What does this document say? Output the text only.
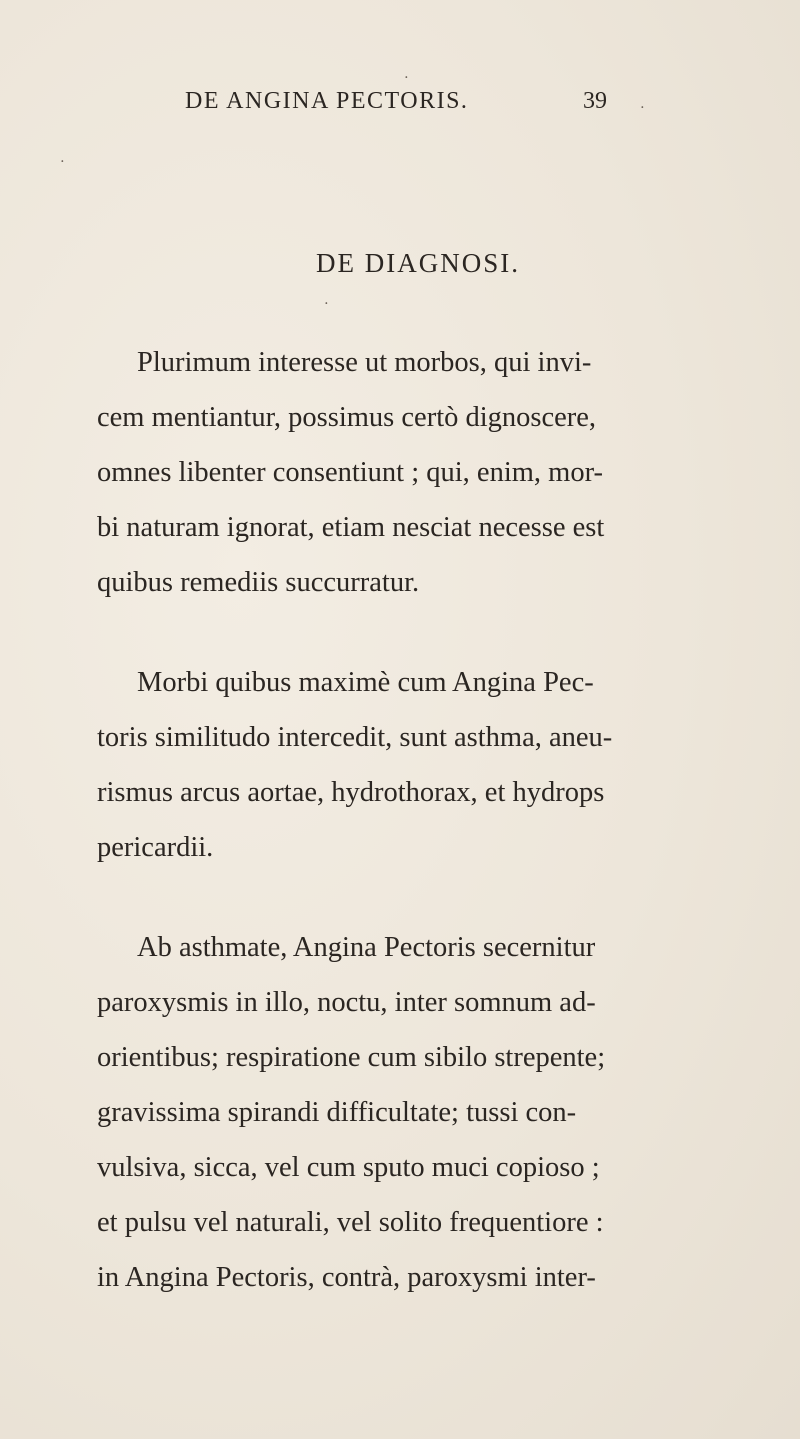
DE ANGINA PECTORIS.	39
DE DIAGNOSI.
Plurimum interesse ut morbos, qui invi-
cem mentiantur, possimus certò dignoscere,
omnes libenter consentiunt ; qui, enim, mor-
bi naturam ignorat, etiam nesciat necesse est
quibus remediis succurratur.
Morbi quibus maximè cum Angina Pec-
toris similitudo intercedit, sunt asthma, aneu-
rismus arcus aortae, hydrothorax, et hydrops
pericardii.
Ab asthmate, Angina Pectoris secernitur
paroxysmis in illo, noctu, inter somnum ad-
orientibus; respiratione cum sibilo strepente;
gravissima spirandi difficultate; tussi con-
vulsiva, sicca, vel cum sputo muci copioso ;
et pulsu vel naturali, vel solito frequentiore :
in Angina Pectoris, contrà, paroxysmi inter-
․
․
․
․
